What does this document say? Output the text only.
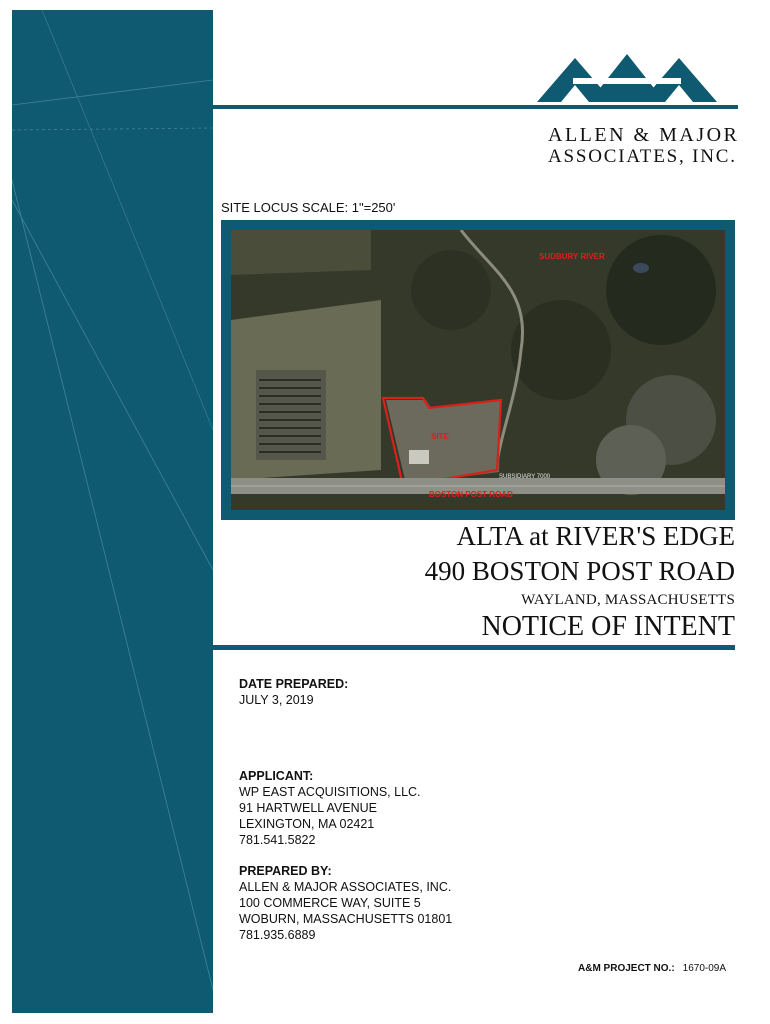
ALLEN & MAJOR
ASSOCIATES, INC.
SITE LOCUS SCALE: 1"=250'
SUDBURY RIVER
SITE
BOSTON POST ROAD
SUBSIDIARY 7000
ALTA at RIVER'S EDGE
490 BOSTON POST ROAD
WAYLAND, MASSACHUSETTS
NOTICE OF INTENT
DATE PREPARED:
JULY 3, 2019
APPLICANT:
WP EAST ACQUISITIONS, LLC.
91 HARTWELL AVENUE
LEXINGTON, MA 02421
781.541.5822
PREPARED BY:
ALLEN & MAJOR ASSOCIATES, INC.
100 COMMERCE WAY, SUITE 5
WOBURN, MASSACHUSETTS 01801
781.935.6889
A&M PROJECT NO.: 1670-09A
